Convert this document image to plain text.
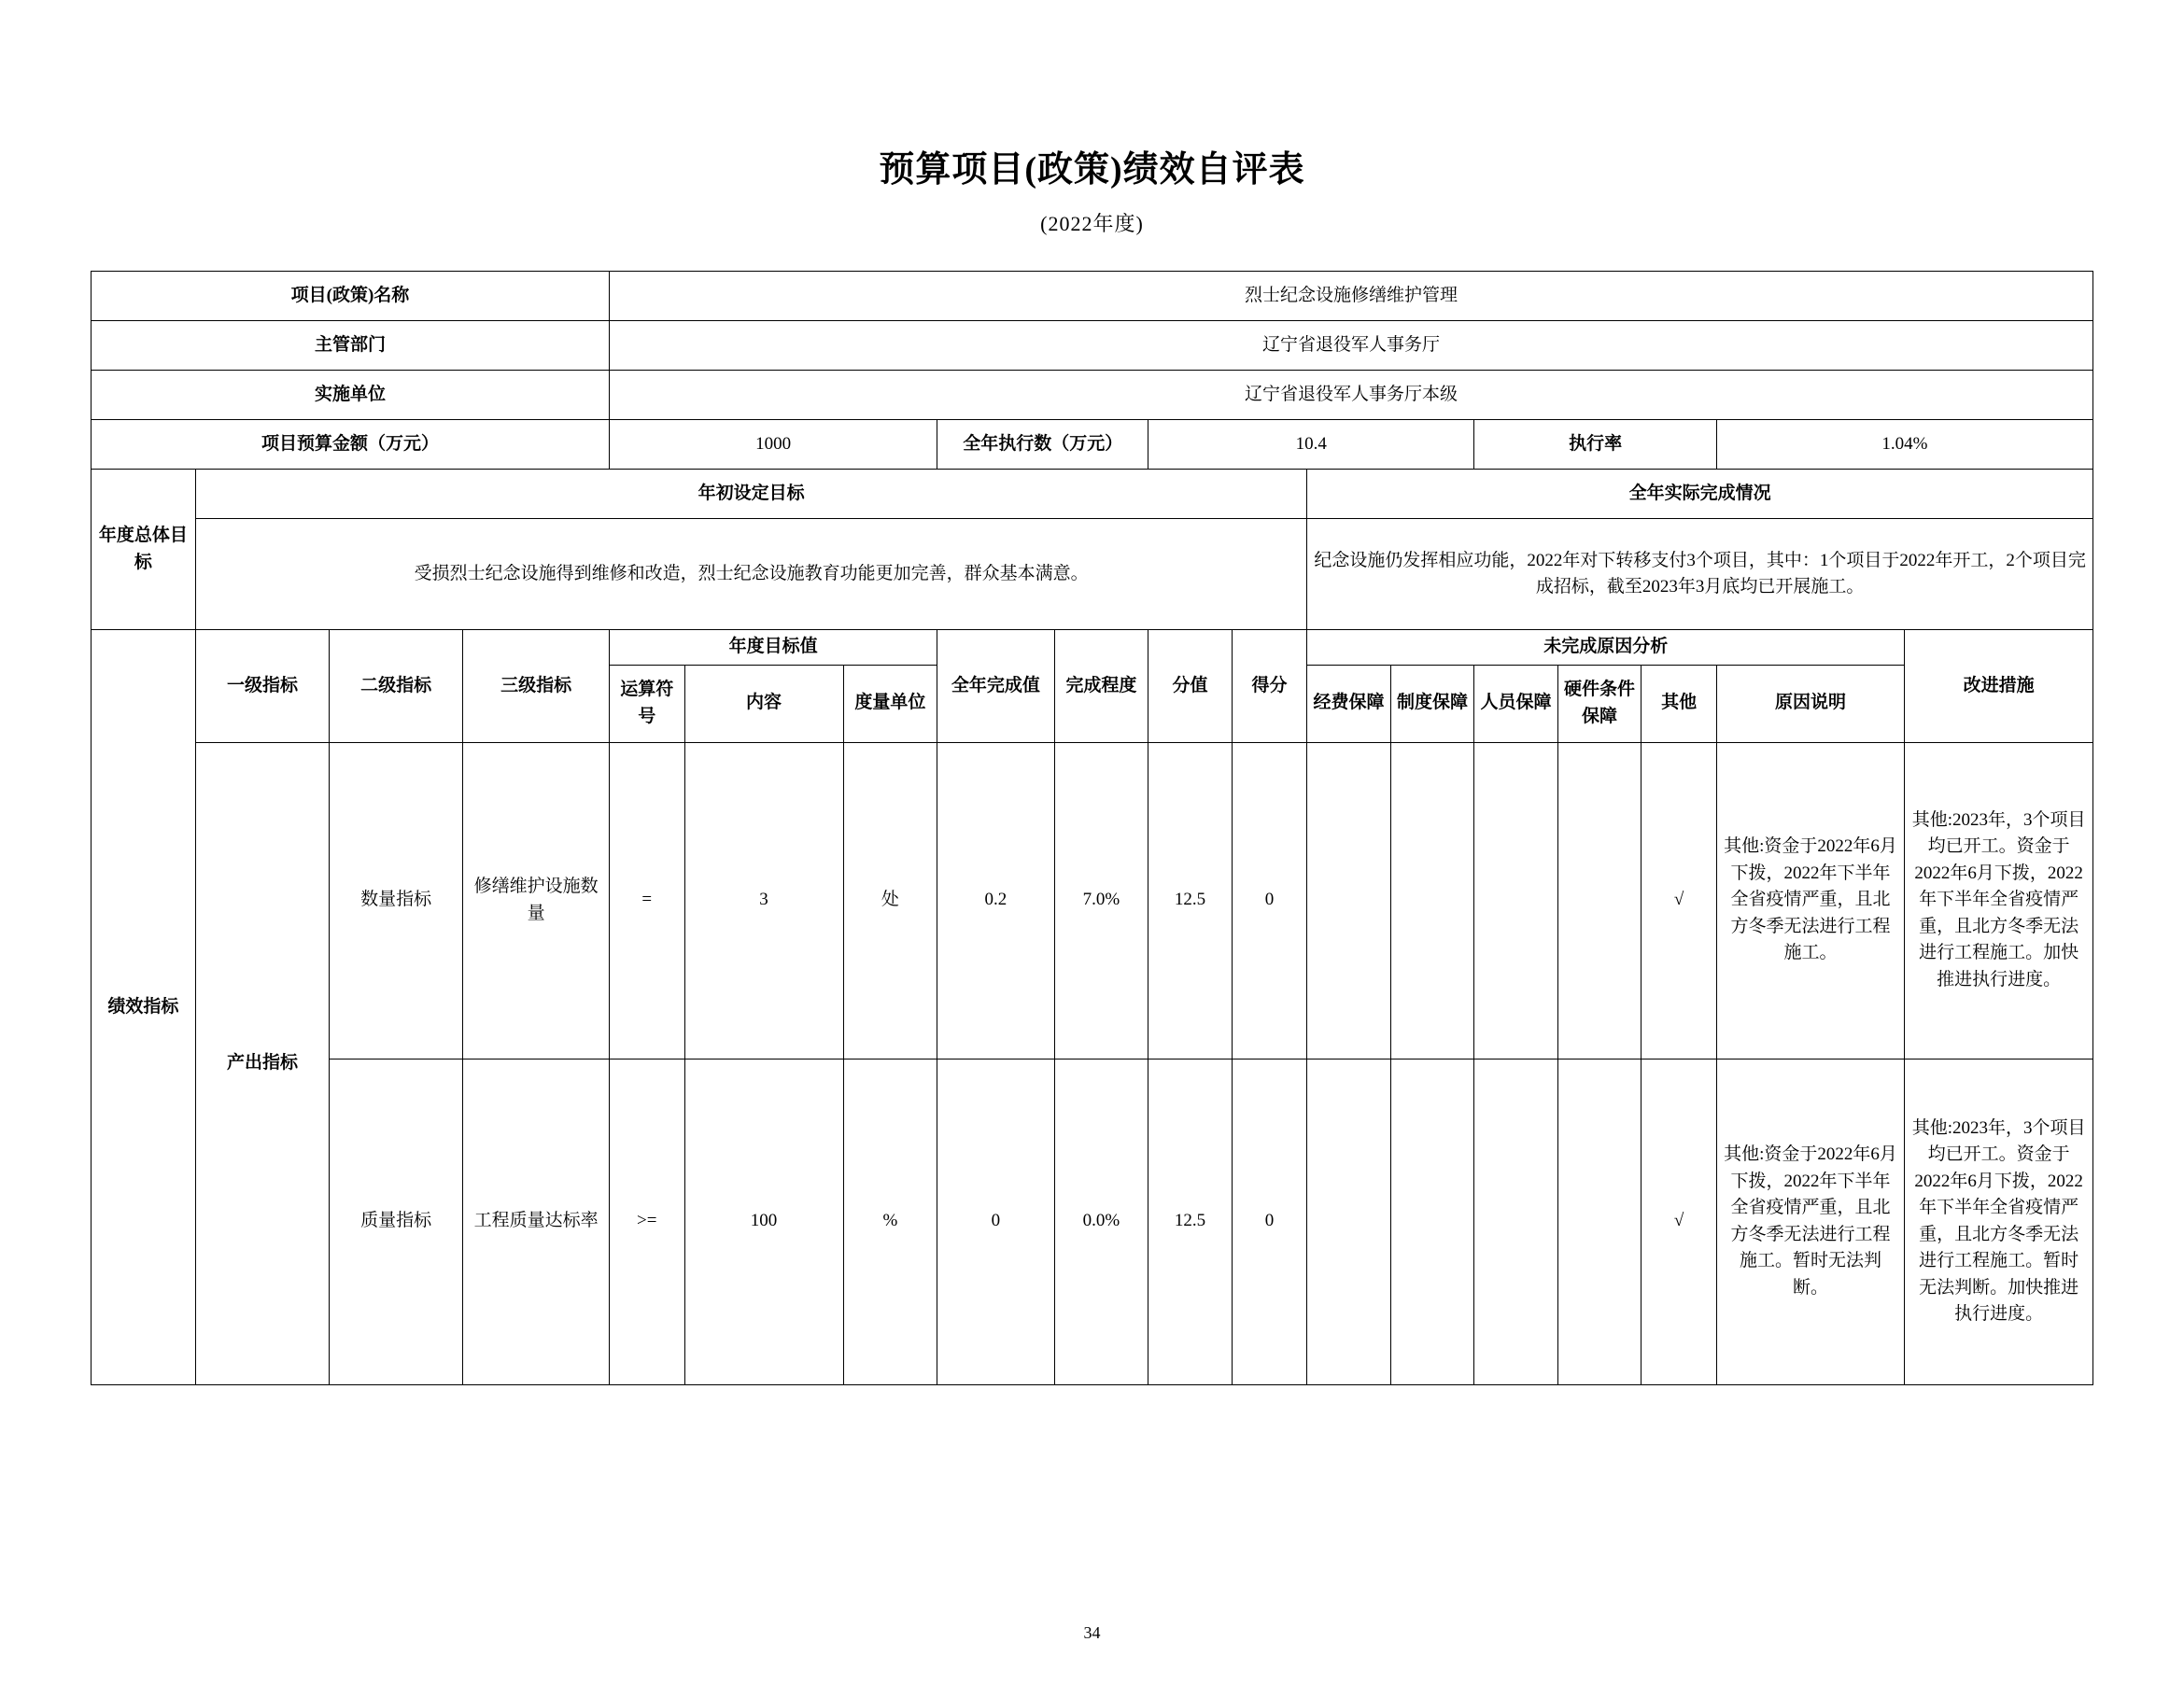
预算项目(政策)绩效自评表
(2022年度)
项目(政策)名称				烈士纪念设施修缮维护管理													
主管部门				辽宁省退役军人事务厅													
实施单位				辽宁省退役军人事务厅本级													
项目预算金额（万元）				1000			全年执行数（万元）		10.4				执行率			1.04%	
年度总体目标	年初设定目标										全年实际完成情况						
	受损烈士纪念设施得到维修和改造，烈士纪念设施教育功能更加完善，群众基本满意。										纪念设施仍发挥相应功能，2022年对下转移支付3个项目，其中：1个项目于2022年开工，2个项目完成招标，截至2023年3月底均已开展施工。						
绩效指标	一级指标	二级指标	三级指标	年度目标值			全年完成值	完成程度	分值	得分	未完成原因分析						改进措施
				运算符号	内容	度量单位					经费保障	制度保障	人员保障	硬件条件保障	其他	原因说明	
	产出指标	数量指标	修缮维护设施数量	=	3	处	0.2	7.0%	12.5	0					√	其他:资金于2022年6月下拨，2022年下半年全省疫情严重，且北方冬季无法进行工程施工。	其他:2023年，3个项目均已开工。资金于2022年6月下拨，2022年下半年全省疫情严重，且北方冬季无法进行工程施工。加快推进执行进度。
		质量指标	工程质量达标率	>=	100	%	0	0.0%	12.5	0					√	其他:资金于2022年6月下拨，2022年下半年全省疫情严重，且北方冬季无法进行工程施工。暂时无法判断。	其他:2023年，3个项目均已开工。资金于2022年6月下拨，2022年下半年全省疫情严重，且北方冬季无法进行工程施工。暂时无法判断。加快推进执行进度。
34
